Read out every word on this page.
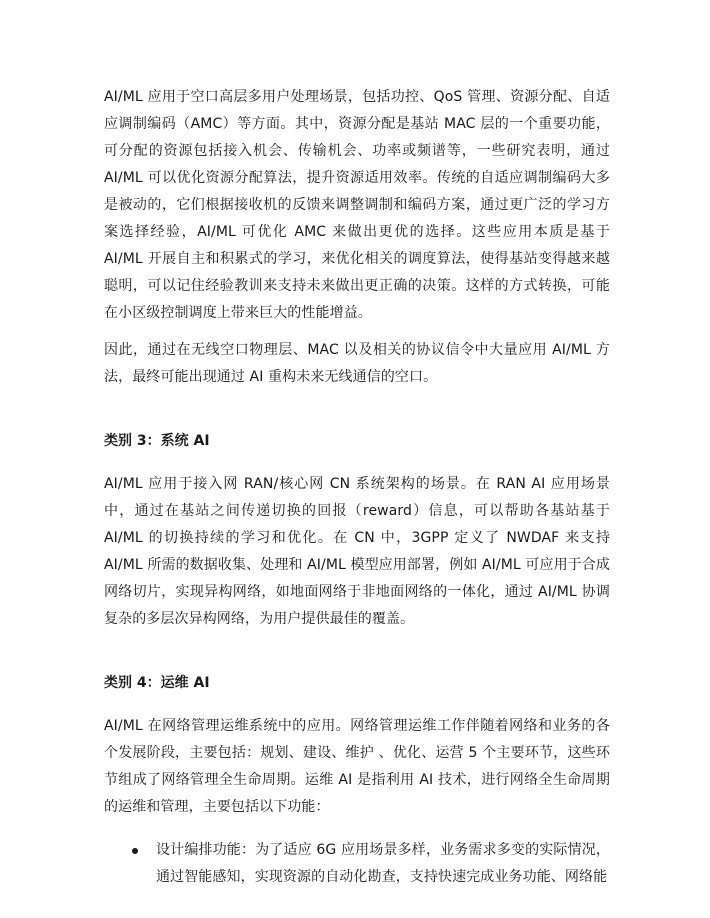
AI/ML 应用于空口高层多用户处理场景，包括功控、QoS 管理、资源分配、自适应调制编码（AMC）等方面。其中，资源分配是基站 MAC 层的一个重要功能，可分配的资源包括接入机会、传输机会、功率或频谱等，一些研究表明，通过 AI/ML 可以优化资源分配算法，提升资源适用效率。传统的自适应调制编码大多是被动的，它们根据接收机的反馈来调整调制和编码方案，通过更广泛的学习方案选择经验，AI/ML 可优化 AMC 来做出更优的选择。这些应用本质是基于 AI/ML 开展自主和积累式的学习，来优化相关的调度算法，使得基站变得越来越聪明，可以记住经验教训来支持未来做出更正确的决策。这样的方式转换，可能在小区级控制调度上带来巨大的性能增益。

因此，通过在无线空口物理层、MAC 以及相关的协议信令中大量应用 AI/ML 方法，最终可能出现通过 AI 重构未来无线通信的空口。

类别 3：系统 AI

AI/ML 应用于接入网 RAN/核心网 CN 系统架构的场景。在 RAN AI 应用场景中，通过在基站之间传递切换的回报（reward）信息，可以帮助各基站基于 AI/ML 的切换持续的学习和优化。在 CN 中，3GPP 定义了 NWDAF 来支持 AI/ML 所需的数据收集、处理和 AI/ML 模型应用部署，例如 AI/ML 可应用于合成网络切片，实现异构网络，如地面网络于非地面网络的一体化，通过 AI/ML 协调复杂的多层次异构网络，为用户提供最佳的覆盖。

类别 4：运维 AI

AI/ML 在网络管理运维系统中的应用。网络管理运维工作伴随着网络和业务的各个发展阶段，主要包括：规划、建设、维护 、优化、运营 5 个主要环节，这些环节组成了网络管理全生命周期。运维 AI 是指利用 AI 技术，进行网络全生命周期的运维和管理，主要包括以下功能：

设计编排功能：为了适应 6G 应用场景多样，业务需求多变的实际情况，通过智能感知，实现资源的自动化勘查，支持快速完成业务功能、网络能
